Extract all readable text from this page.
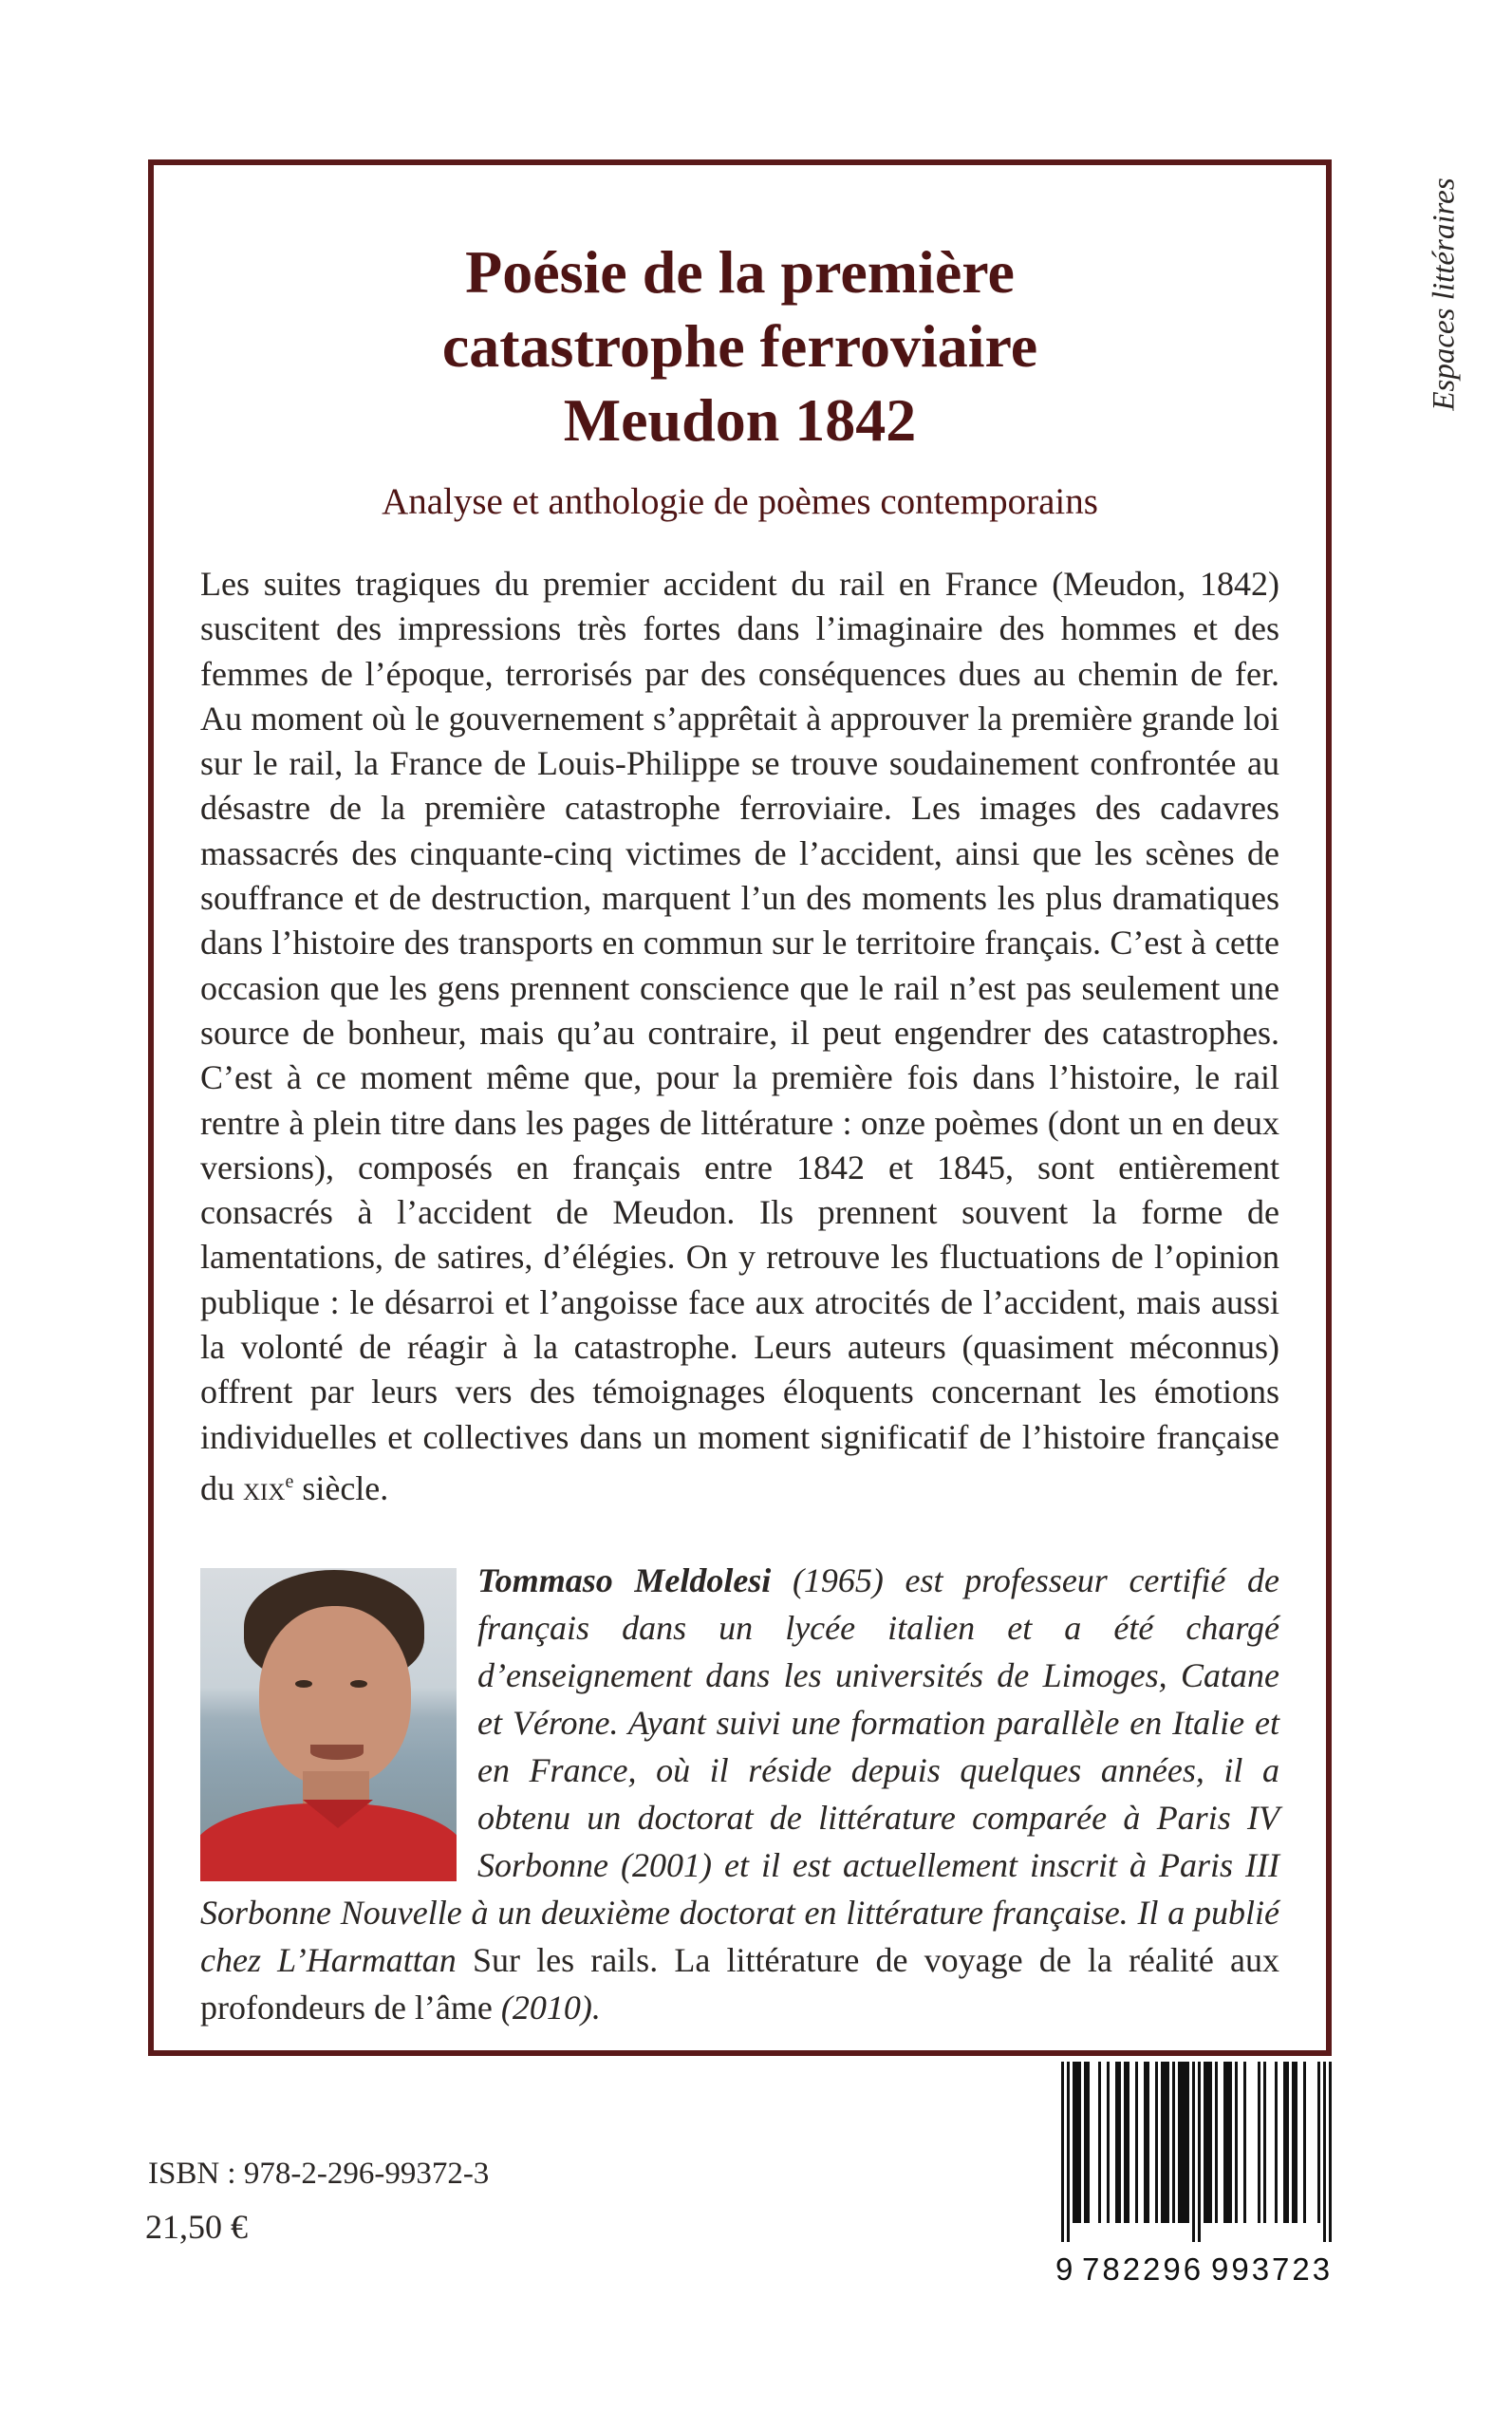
Poésie de la première
catastrophe ferroviaire
Meudon 1842
Analyse et anthologie de poèmes contemporains

Les suites tragiques du premier accident du rail en France (Meudon, 1842) suscitent des impressions très fortes dans l’imaginaire des hommes et des femmes de l’époque, terrorisés par des conséquences dues au chemin de fer. Au moment où le gouvernement s’apprêtait à approuver la première grande loi sur le rail, la France de Louis-Philippe se trouve soudainement confrontée au désastre de la première catastrophe ferroviaire. Les images des cadavres massacrés des cinquante-cinq victimes de l’accident, ainsi que les scènes de souffrance et de destruction, marquent l’un des moments les plus dramatiques dans l’histoire des transports en commun sur le territoire français. C’est à cette occasion que les gens prennent conscience que le rail n’est pas seulement une source de bonheur, mais qu’au contraire, il peut engendrer des catastrophes. C’est à ce moment même que, pour la première fois dans l’histoire, le rail rentre à plein titre dans les pages de littérature : onze poèmes (dont un en deux versions), composés en français entre 1842 et 1845, sont entièrement consacrés à l’accident de Meudon. Ils prennent souvent la forme de lamentations, de satires, d’élégies. On y retrouve les fluctuations de l’opinion publique : le désarroi et l’angoisse face aux atrocités de l’accident, mais aussi la volonté de réagir à la catastrophe. Leurs auteurs (quasiment méconnus) offrent par leurs vers des témoignages éloquents concernant les émotions individuelles et collectives dans un moment significatif de l’histoire française du xix$^e$ siècle.

Tommaso Meldolesi (1965) est professeur certifié de français dans un lycée italien et a été chargé d’enseignement dans les universités de Limoges, Catane et Vérone. Ayant suivi une formation parallèle en Italie et en France, où il réside depuis quelques années, il a obtenu un doctorat de littérature comparée à Paris IV Sorbonne (2001) et il est actuellement inscrit à Paris III Sorbonne Nouvelle à un deuxième doctorat en littérature française. Il a publié chez L’Harmattan Sur les rails. La littérature de voyage de la réalité aux profondeurs de l’âme (2010).

Espaces littéraires
ISBN : 978-2-296-99372-3
21,50 €
9 782296 993723
